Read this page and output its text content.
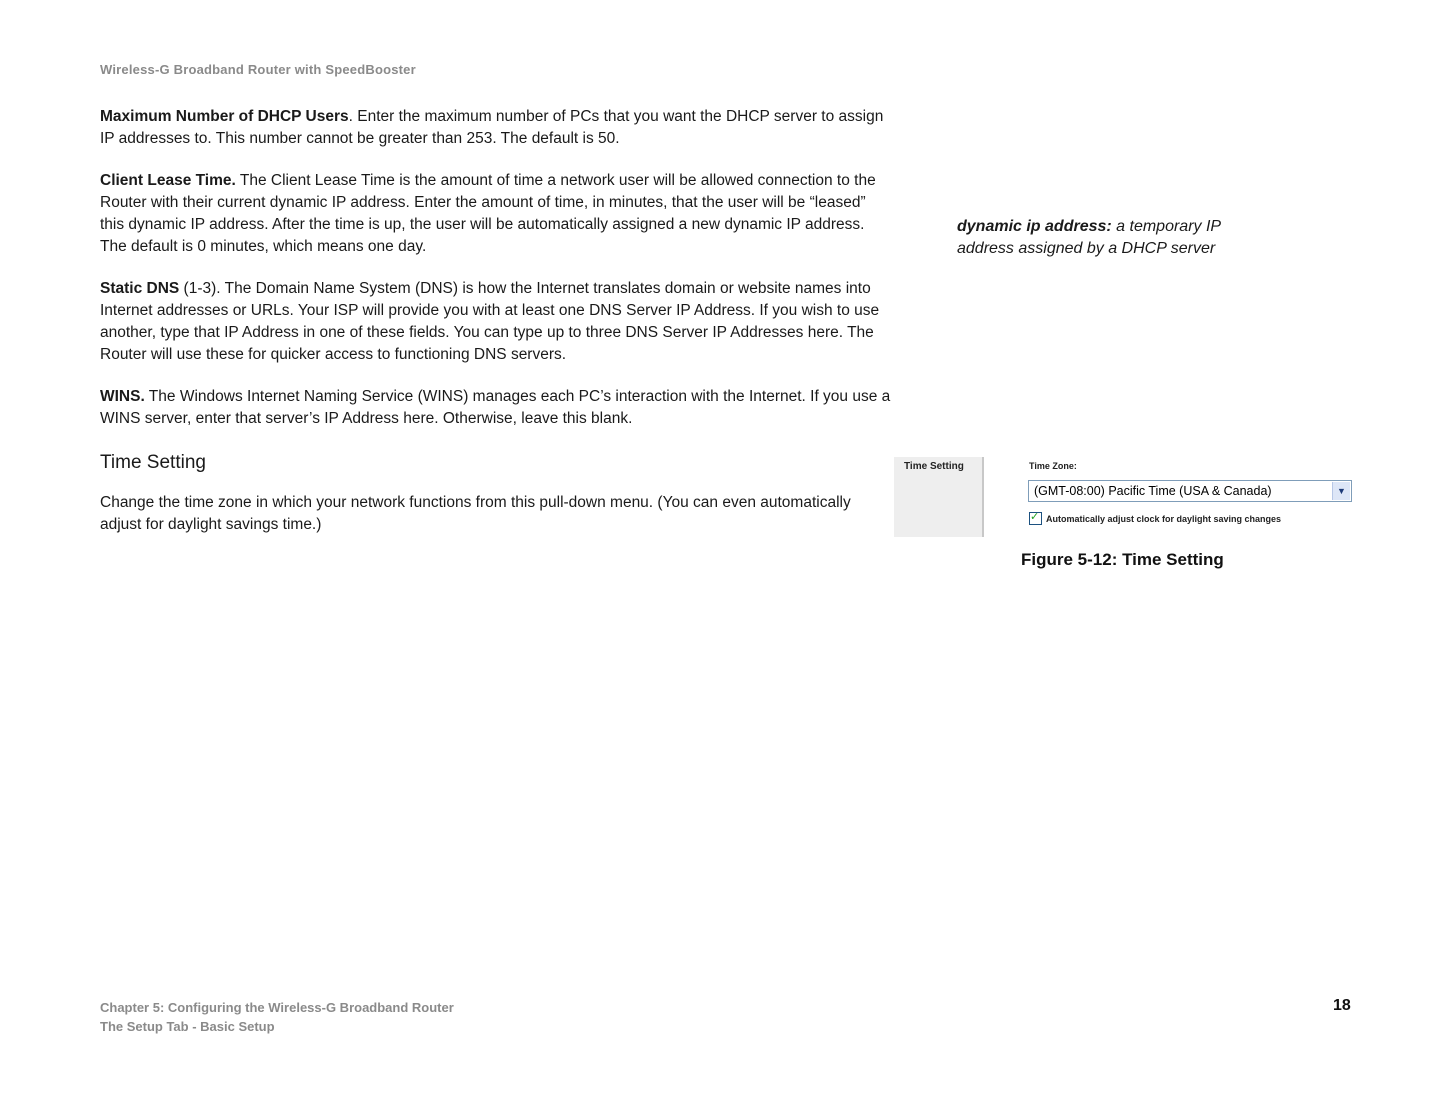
Wireless-G Broadband Router with SpeedBooster

Maximum Number of DHCP Users. Enter the maximum number of PCs that you want the DHCP server to assign IP addresses to. This number cannot be greater than 253. The default is 50.

Client Lease Time. The Client Lease Time is the amount of time a network user will be allowed connection to the Router with their current dynamic IP address. Enter the amount of time, in minutes, that the user will be “leased” this dynamic IP address. After the time is up, the user will be automatically assigned a new dynamic IP address. The default is 0 minutes, which means one day.

Static DNS (1-3). The Domain Name System (DNS) is how the Internet translates domain or website names into Internet addresses or URLs. Your ISP will provide you with at least one DNS Server IP Address. If you wish to use another, type that IP Address in one of these fields. You can type up to three DNS Server IP Addresses here. The Router will use these for quicker access to functioning DNS servers.

WINS. The Windows Internet Naming Service (WINS) manages each PC’s interaction with the Internet. If you use a WINS server, enter that server’s IP Address here. Otherwise, leave this blank.

Time Setting

Change the time zone in which your network functions from this pull-down menu. (You can even automatically adjust for daylight savings time.)

dynamic ip address: a temporary IP address assigned by a DHCP server
Time Setting	Time Zone:
(GMT-08:00) Pacific Time (USA & Canada)	▼
✓ Automatically adjust clock for daylight saving changes
Figure 5-12: Time Setting
Chapter 5: Configuring the Wireless-G Broadband Router
The Setup Tab - Basic Setup
18
